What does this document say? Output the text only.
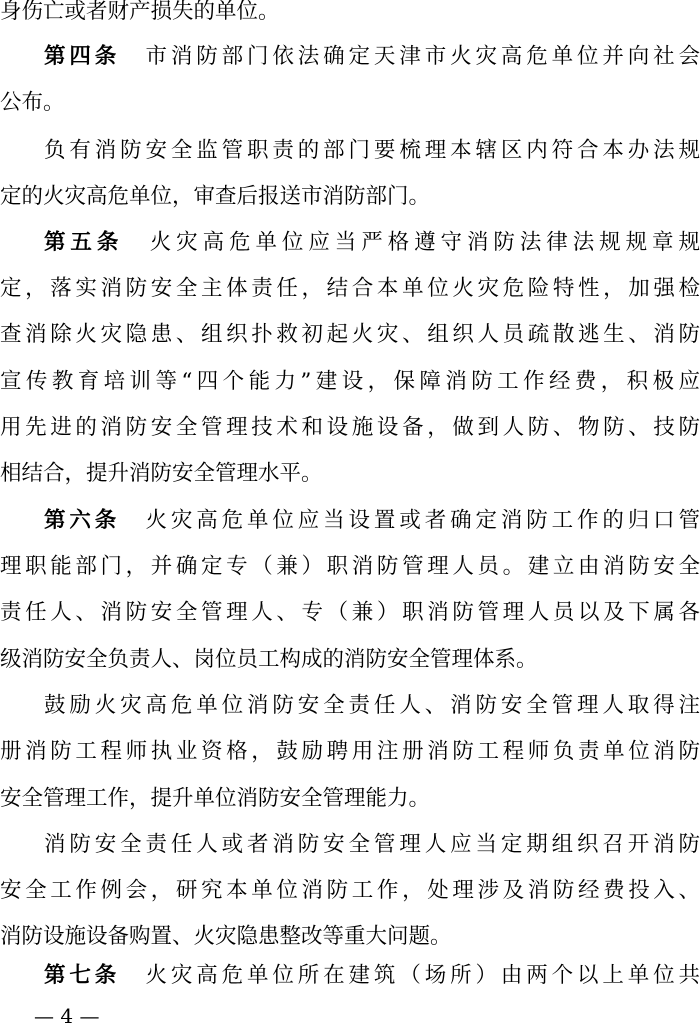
身伤亡或者财产损失的单位。
第四条　 市消防部门依法确定天津市火灾高危单位并向社会
公布。
负有消防安全监管职责的部门要梳理本辖区内符合本办法规
定的火灾高危单位，审查后报送市消防部门。
第五条　 火灾高危单位应当严格遵守消防法律法规规章规
定，落实消防安全主体责任，结合本单位火灾危险特性，加强检
查消除火灾隐患、组织扑救初起火灾、组织人员疏散逃生、消防
宣传教育培训等“四个能力”建设，保障消防工作经费，积极应
用先进的消防安全管理技术和设施设备，做到人防、物防、技防
相结合，提升消防安全管理水平。
第六条　 火灾高危单位应当设置或者确定消防工作的归口管
理职能部门，并确定专（兼）职消防管理人员。建立由消防安全
责任人、消防安全管理人、专（兼）职消防管理人员以及下属各
级消防安全负责人、岗位员工构成的消防安全管理体系。
鼓励火灾高危单位消防安全责任人、消防安全管理人取得注
册消防工程师执业资格，鼓励聘用注册消防工程师负责单位消防
安全管理工作，提升单位消防安全管理能力。
消防安全责任人或者消防安全管理人应当定期组织召开消防
安全工作例会，研究本单位消防工作，处理涉及消防经费投入、
消防设施设备购置、火灾隐患整改等重大问题。
第七条　 火灾高危单位所在建筑（场所）由两个以上单位共
— 4 —
